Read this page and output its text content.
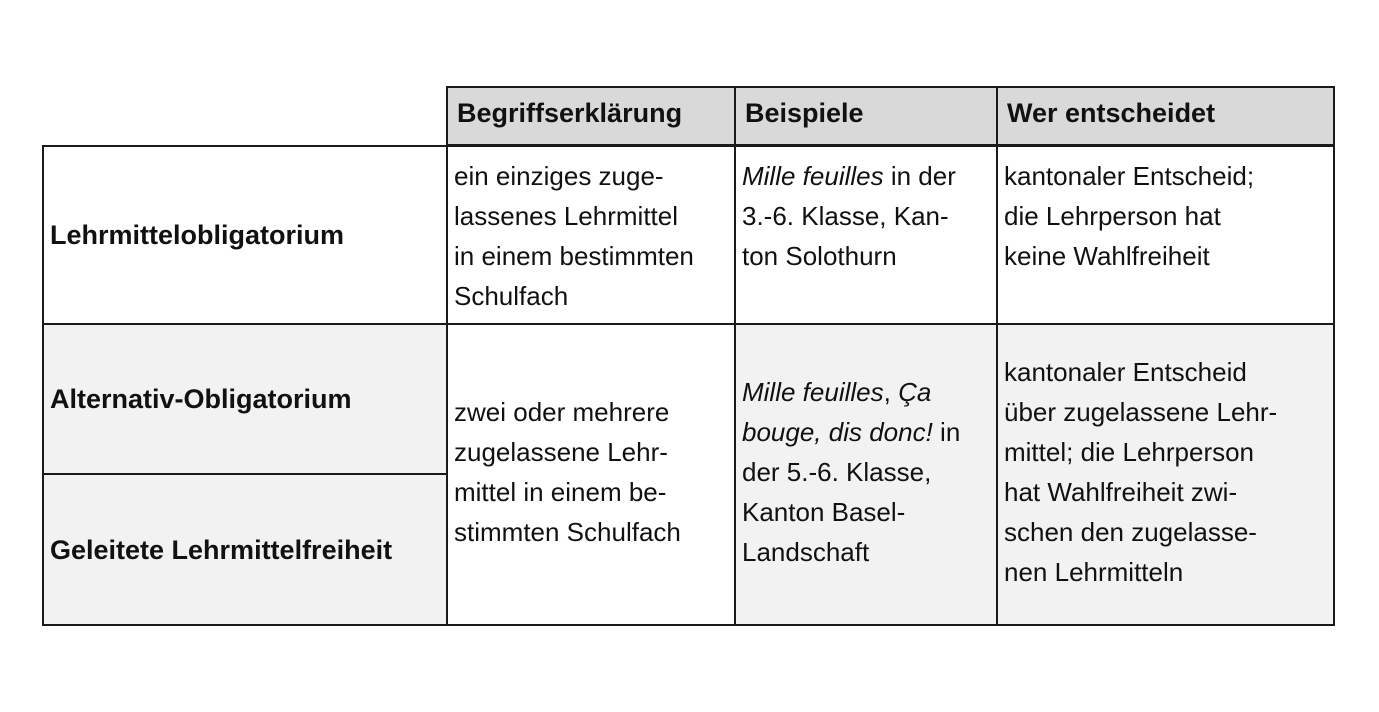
Begriffserklärung	Beispiele	Wer entscheidet
Lehrmittelobligatorium

ein einziges zuge-

lassenes Lehrmittel

in einem bestimmten

Schulfach

Mille feuilles in der

3.-6. Klasse, Kan-

ton Solothurn

kantonaler Entscheid;

die Lehrperson hat

keine Wahlfreiheit

Alternativ-Obligatorium
Geleitete Lehrmittelfreiheit

zwei oder mehrere

zugelassene Lehr-

mittel in einem be-

stimmten Schulfach

Mille feuilles, Ça

bouge, dis donc! in

der 5.-6. Klasse,

Kanton Basel-

Landschaft

kantonaler Entscheid

über zugelassene Lehr-

mittel; die Lehrperson

hat Wahlfreiheit zwi-

schen den zugelasse-

nen Lehrmitteln
